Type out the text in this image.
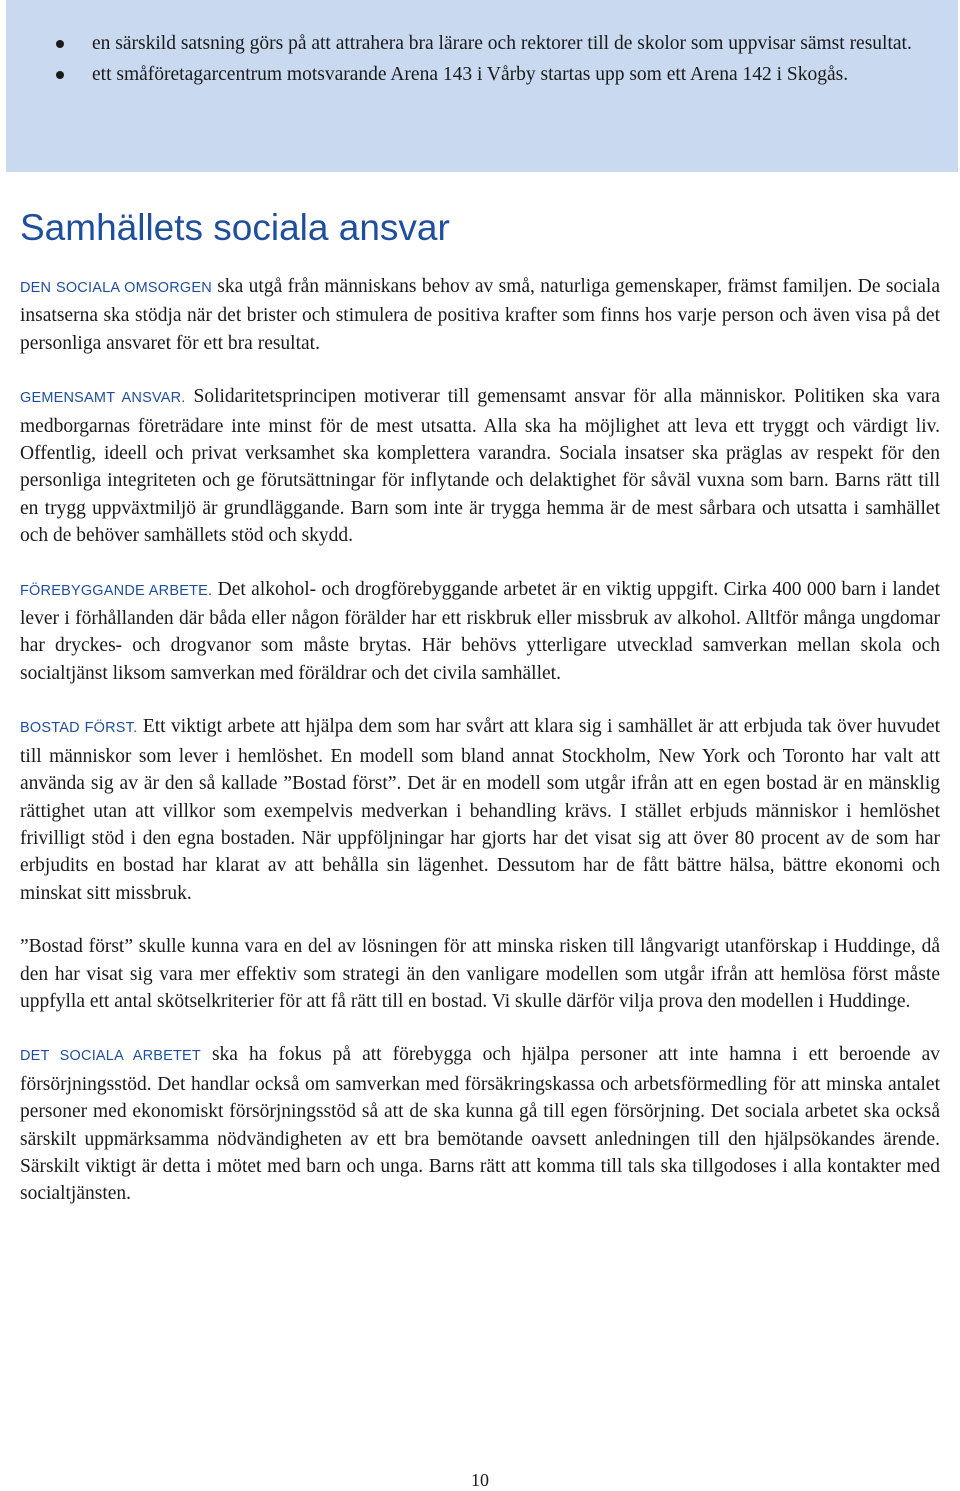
en särskild satsning görs på att attrahera bra lärare och rektorer till de skolor som uppvisar sämst resultat.
ett småföretagarcentrum motsvarande Arena 143 i Vårby startas upp som ett Arena 142 i Skogås.
Samhällets sociala ansvar

DEN SOCIALA OMSORGEN ska utgå från människans behov av små, naturliga gemenskaper, främst familjen. De sociala insatserna ska stödja när det brister och stimulera de positiva krafter som finns hos varje person och även visa på det personliga ansvaret för ett bra resultat.

GEMENSAMT ANSVAR. Solidaritetsprincipen motiverar till gemensamt ansvar för alla människor. Politiken ska vara medborgarnas företrädare inte minst för de mest utsatta. Alla ska ha möjlighet att leva ett tryggt och värdigt liv. Offentlig, ideell och privat verksamhet ska komplettera varandra. Sociala insatser ska präglas av respekt för den personliga integriteten och ge förutsättningar för inflytande och delaktighet för såväl vuxna som barn. Barns rätt till en trygg uppväxtmiljö är grundläggande. Barn som inte är trygga hemma är de mest sårbara och utsatta i samhället och de behöver samhällets stöd och skydd.

FÖREBYGGANDE ARBETE. Det alkohol- och drogförebyggande arbetet är en viktig uppgift. Cirka 400 000 barn i landet lever i förhållanden där båda eller någon förälder har ett riskbruk eller missbruk av alkohol. Alltför många ungdomar har dryckes- och drogvanor som måste brytas. Här behövs ytterligare utvecklad samverkan mellan skola och socialtjänst liksom samverkan med föräldrar och det civila samhället.

BOSTAD FÖRST. Ett viktigt arbete att hjälpa dem som har svårt att klara sig i samhället är att erbjuda tak över huvudet till människor som lever i hemlöshet. En modell som bland annat Stockholm, New York och Toronto har valt att använda sig av är den så kallade ”Bostad först”. Det är en modell som utgår ifrån att en egen bostad är en mänsklig rättighet utan att villkor som exempelvis medverkan i behandling krävs. I stället erbjuds människor i hemlöshet frivilligt stöd i den egna bostaden. När uppföljningar har gjorts har det visat sig att över 80 procent av de som har erbjudits en bostad har klarat av att behålla sin lägenhet. Dessutom har de fått bättre hälsa, bättre ekonomi och minskat sitt missbruk.

”Bostad först” skulle kunna vara en del av lösningen för att minska risken till långvarigt utanförskap i Huddinge, då den har visat sig vara mer effektiv som strategi än den vanligare modellen som utgår ifrån att hemlösa först måste uppfylla ett antal skötselkriterier för att få rätt till en bostad. Vi skulle därför vilja prova den modellen i Huddinge.

DET SOCIALA ARBETET ska ha fokus på att förebygga och hjälpa personer att inte hamna i ett beroende av försörjningsstöd. Det handlar också om samverkan med försäkringskassa och arbetsförmedling för att minska antalet personer med ekonomiskt försörjningsstöd så att de ska kunna gå till egen försörjning. Det sociala arbetet ska också särskilt uppmärksamma nödvändigheten av ett bra bemötande oavsett anledningen till den hjälpsökandes ärende. Särskilt viktigt är detta i mötet med barn och unga. Barns rätt att komma till tals ska tillgodoses i alla kontakter med socialtjänsten.

10
